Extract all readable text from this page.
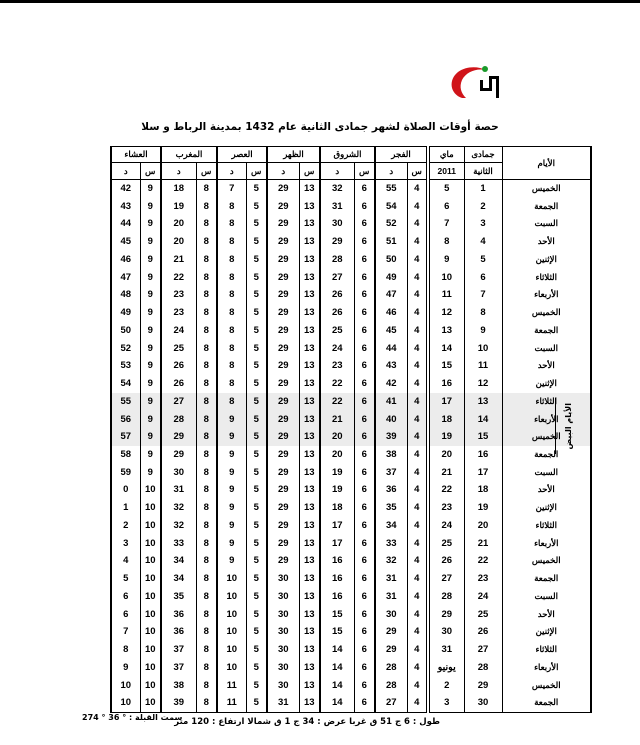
حصة أوقات الصلاة لشهر جمادى الثانية عام 1432 بمدينة الرباط و سلا
العشاء		المغرب		العصر		الظهر		الشروق		الفجر		ماي	جمادى	الأيام
د	س	د	س	د	س	د	س	د	س	د	س	2011	الثانية	
42	9	18	8	7	5	29	13	32	6	55	4	5	1	الخميس
43	9	19	8	8	5	29	13	31	6	54	4	6	2	الجمعة
44	9	20	8	8	5	29	13	30	6	52	4	7	3	السبت
45	9	20	8	8	5	29	13	29	6	51	4	8	4	الأحد
46	9	21	8	8	5	29	13	28	6	50	4	9	5	الإثنين
47	9	22	8	8	5	29	13	27	6	49	4	10	6	الثلاثاء
48	9	23	8	8	5	29	13	26	6	47	4	11	7	الأربعاء
49	9	23	8	8	5	29	13	26	6	46	4	12	8	الخميس
50	9	24	8	8	5	29	13	25	6	45	4	13	9	الجمعة
52	9	25	8	8	5	29	13	24	6	44	4	14	10	السبت
53	9	26	8	8	5	29	13	23	6	43	4	15	11	الأحد
54	9	26	8	8	5	29	13	22	6	42	4	16	12	الإثنين
55	9	27	8	8	5	29	13	22	6	41	4	17	13	الثلاثاء
56	9	28	8	9	5	29	13	21	6	40	4	18	14	الأربعاء
57	9	29	8	9	5	29	13	20	6	39	4	19	15	الخميس
58	9	29	8	9	5	29	13	20	6	38	4	20	16	الجمعة
59	9	30	8	9	5	29	13	19	6	37	4	21	17	السبت
0	10	31	8	9	5	29	13	19	6	36	4	22	18	الأحد
1	10	32	8	9	5	29	13	18	6	35	4	23	19	الإثنين
2	10	32	8	9	5	29	13	17	6	34	4	24	20	الثلاثاء
3	10	33	8	9	5	29	13	17	6	33	4	25	21	الأربعاء
4	10	34	8	9	5	29	13	16	6	32	4	26	22	الخميس
5	10	34	8	10	5	30	13	16	6	31	4	27	23	الجمعة
6	10	35	8	10	5	30	13	16	6	31	4	28	24	السبت
6	10	36	8	10	5	30	13	15	6	30	4	29	25	الأحد
7	10	36	8	10	5	30	13	15	6	29	4	30	26	الإثنين
8	10	37	8	10	5	30	13	14	6	29	4	31	27	الثلاثاء
9	10	37	8	10	5	30	13	14	6	28	4	يونيو	28	الأربعاء
10	10	38	8	11	5	30	13	14	6	28	4	2	29	الخميس
10	10	39	8	11	5	31	13	14	6	27	4	3	30	الجمعة
الأيام البيض
طول : 6 ج 51 ق غربا عرض : 34 ج 1 ق شمالا ارتفاع : 120 متر
سمت القبلة : ° 36 ° 274
